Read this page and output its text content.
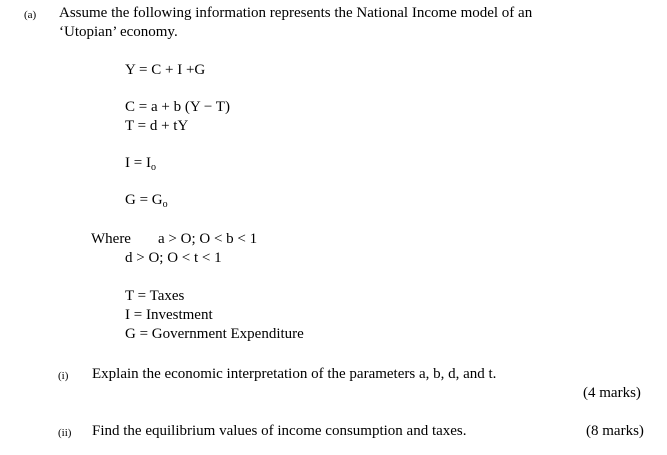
(a) Assume the following information represents the National Income model of an
‘Utopian’ economy.
Y = C + I +G
C = a + b (Y − T)
T = d + tY
$I = I_o$
$G = G_o$
Where a > O; O < b < 1
d > O; O < t < 1
T = Taxes
I = Investment
G = Government Expenditure
(i) Explain the economic interpretation of the parameters a, b, d, and t.
(4 marks)
(ii) Find the equilibrium values of income consumption and taxes.	(8 marks)
